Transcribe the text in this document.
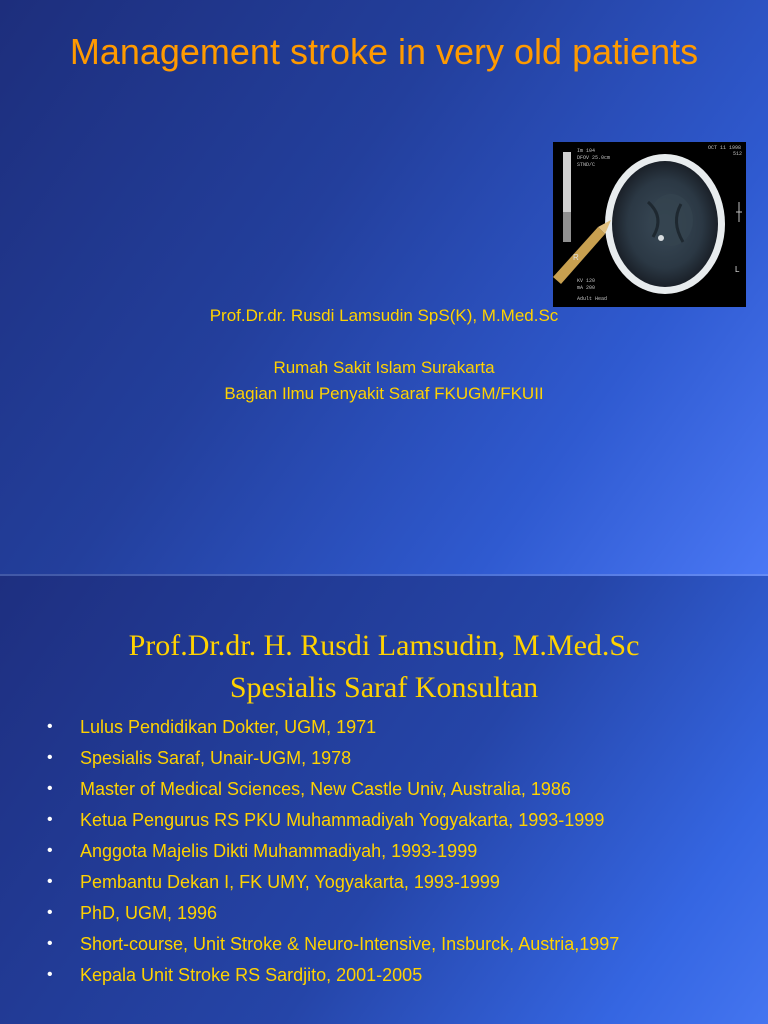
Management stroke in very old patients
Im 104
DFOV 25.0cm
STND/C
OCT 11 1998
512
R
L
KV 120
mA 200
Adult Head
Prof.Dr.dr. Rusdi Lamsudin SpS(K), M.Med.Sc
Rumah Sakit Islam Surakarta
Bagian Ilmu Penyakit Saraf FKUGM/FKUII
Prof.Dr.dr. H. Rusdi Lamsudin, M.Med.Sc
Spesialis Saraf Konsultan
• Lulus Pendidikan Dokter, UGM, 1971
• Spesialis Saraf, Unair-UGM, 1978
• Master of Medical Sciences, New Castle Univ, Australia, 1986
• Ketua Pengurus RS PKU Muhammadiyah Yogyakarta, 1993-1999
• Anggota Majelis Dikti Muhammadiyah, 1993-1999
• Pembantu Dekan I, FK UMY, Yogyakarta, 1993-1999
• PhD, UGM, 1996
• Short-course, Unit Stroke & Neuro-Intensive, Insburck, Austria,1997
• Kepala Unit Stroke RS Sardjito, 2001-2005
